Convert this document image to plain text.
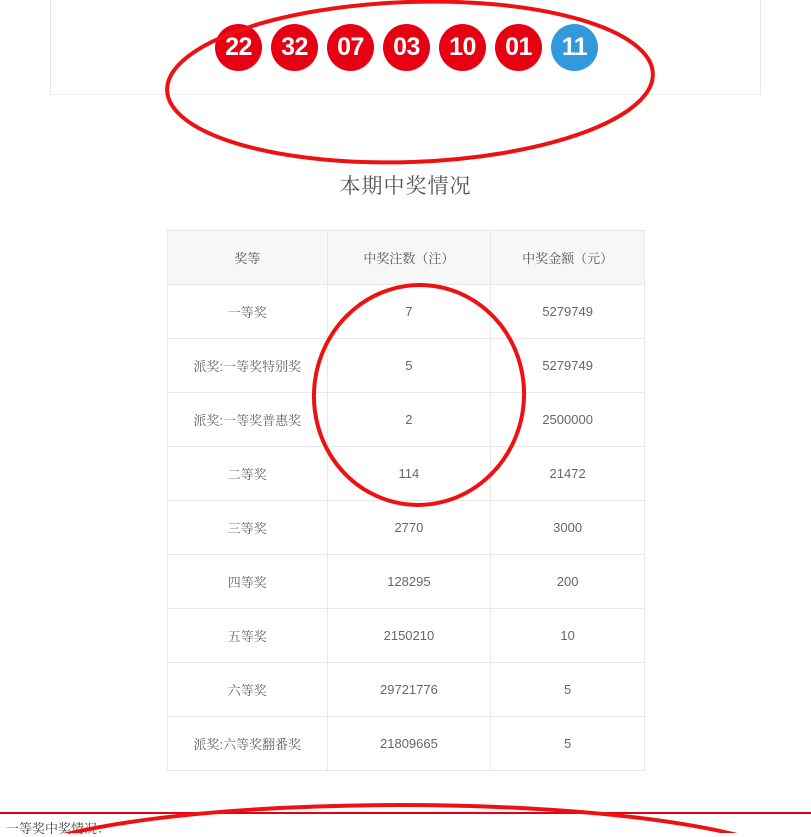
22	32	07	03	10	01	11
本期中奖情况
奖等	中奖注数（注）	中奖金额（元）
一等奖	7	5279749
派奖:一等奖特别奖	5	5279749
派奖:一等奖普惠奖	2	2500000
二等奖	114	21472
三等奖	2770	3000
四等奖	128295	200
五等奖	2150210	10
六等奖	29721776	5
派奖:六等奖翻番奖	21809665	5
一等奖中奖情况：
